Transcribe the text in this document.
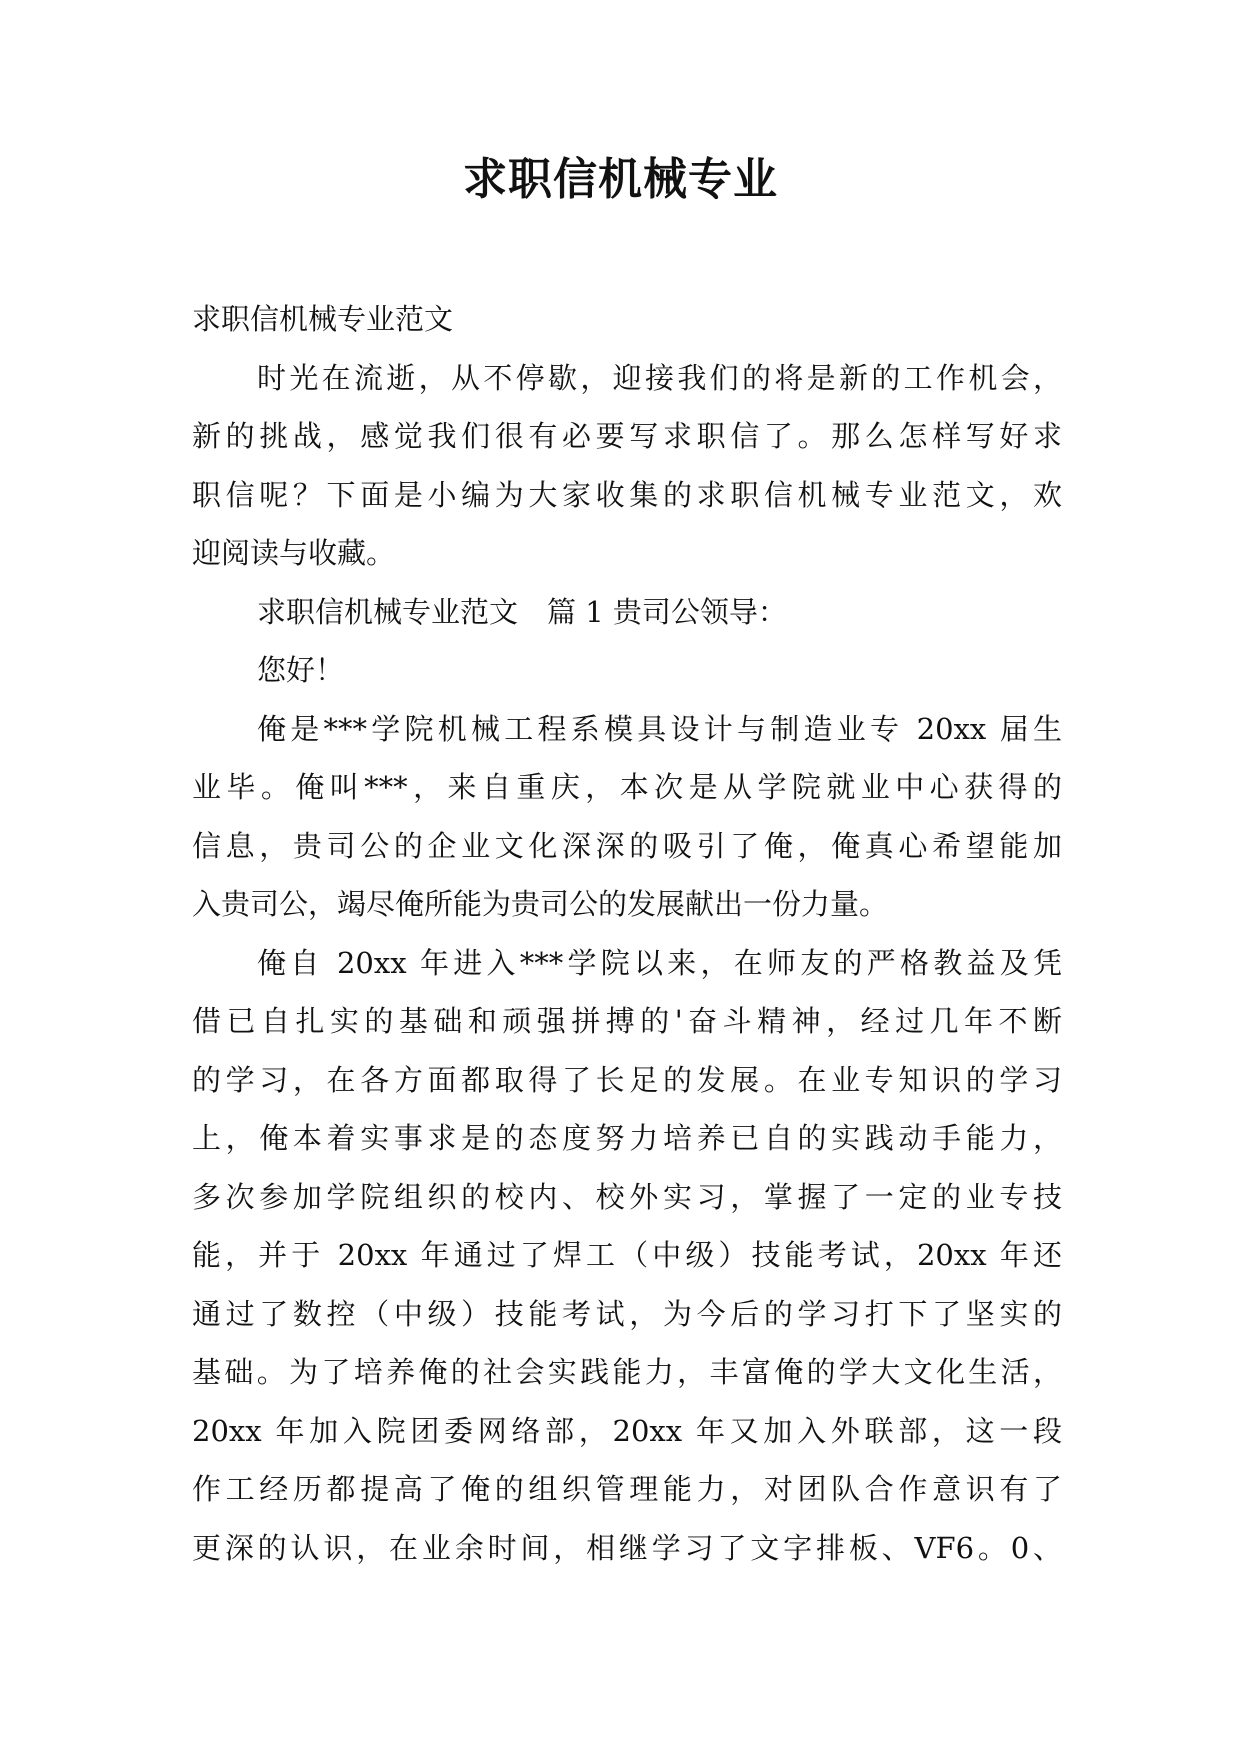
求职信机械专业
求职信机械专业范文
时光在流逝，从不停歇，迎接我们的将是新的工作机会，
新的挑战，感觉我们很有必要写求职信了。那么怎样写好求
职信呢？下面是小编为大家收集的求职信机械专业范文，欢
迎阅读与收藏。
求职信机械专业范文　篇 1 贵司公领导：
您好！
俺是***学院机械工程系模具设计与制造业专 20xx 届生
业毕。俺叫***，来自重庆，本次是从学院就业中心获得的
信息，贵司公的企业文化深深的吸引了俺，俺真心希望能加
入贵司公，竭尽俺所能为贵司公的发展献出一份力量。
俺自 20xx 年进入***学院以来，在师友的严格教益及凭
借已自扎实的基础和顽强拼搏的'奋斗精神，经过几年不断
的学习，在各方面都取得了长足的发展。在业专知识的学习
上，俺本着实事求是的态度努力培养已自的实践动手能力，
多次参加学院组织的校内、校外实习，掌握了一定的业专技
能，并于 20xx 年通过了焊工（中级）技能考试，20xx 年还
通过了数控（中级）技能考试，为今后的学习打下了坚实的
基础。为了培养俺的社会实践能力，丰富俺的学大文化生活，
20xx 年加入院团委网络部，20xx 年又加入外联部，这一段
作工经历都提高了俺的组织管理能力，对团队合作意识有了
更深的认识，在业余时间，相继学习了文字排板、VF6。0、
